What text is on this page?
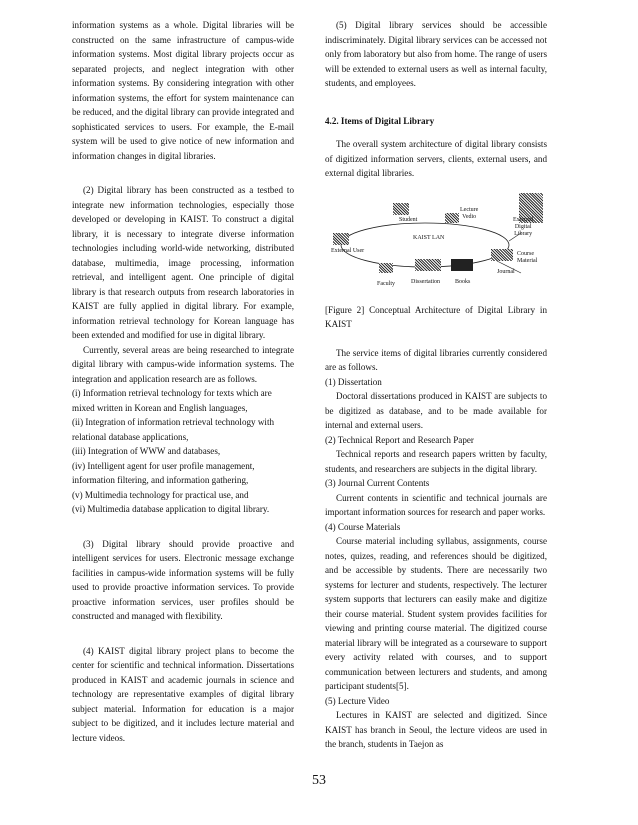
information systems as a whole. Digital libraries will be constructed on the same infrastructure of campus-wide information systems. Most digital library projects occur as separated projects, and neglect integration with other information systems. By considering integration with other information systems, the effort for system maintenance can be reduced, and the digital library can provide integrated and sophisticated services to users. For example, the E-mail system will be used to give notice of new information and information changes in digital libraries.

(2) Digital library has been constructed as a testbed to integrate new information technologies, especially those developed or developing in KAIST. To construct a digital library, it is necessary to integrate diverse information technologies including world-wide networking, distributed database, multimedia, image processing, information retrieval, and intelligent agent. One principle of digital library is that research outputs from research laboratories in KAIST are fully applied in digital library. For example, information retrieval technology for Korean language has been extended and modified for use in digital library.

Currently, several areas are being researched to integrate digital library with campus-wide information systems. The integration and application research are as follows.

(i) Information retrieval technology for texts which are mixed written in Korean and English languages,

(ii) Integration of information retrieval technology with relational database applications,

(iii) Integration of WWW and databases,

(iv) Intelligent agent for user profile management, information filtering, and information gathering,

(v) Multimedia technology for practical use, and

(vi) Multimedia database application to digital library.

(3) Digital library should provide proactive and intelligent services for users. Electronic message exchange facilities in campus-wide information systems will be fully used to provide proactive information services. To provide proactive information services, user profiles should be constructed and managed with flexibility.

(4) KAIST digital library project plans to become the center for scientific and technical information. Dissertations produced in KAIST and academic journals in science and technology are representative examples of digital library subject material. Information for education is a major subject to be digitized, and it includes lecture material and lecture videos.

(5) Digital library services should be accessible indiscriminately. Digital library services can be accessed not only from laboratory but also from home. The range of users will be extended to external users as well as internal faculty, students, and employees.

4.2. Items of Digital Library

The overall system architecture of digital library consists of digitized information servers, clients, external users, and external digital libraries.

External
Digital
Library
Student
Lecture
Vedio
KAIST LAN
External User	Course
Material
Journal
Faculty	Dissertation	Books

[Figure 2] Conceptual Architecture of Digital Library in KAIST

The service items of digital libraries currently considered are as follows.

(1) Dissertation

Doctoral dissertations produced in KAIST are subjects to be digitized as database, and to be made available for internal and external users.

(2) Technical Report and Research Paper

Technical reports and research papers written by faculty, students, and researchers are subjects in the digital library.

(3) Journal Current Contents

Current contents in scientific and technical journals are important information sources for research and paper works.

(4) Course Materials

Course material including syllabus, assignments, course notes, quizes, reading, and references should be digitized, and be accessible by students. There are necessarily two systems for lecturer and students, respectively. The lecturer system supports that lecturers can easily make and digitize their course material. Student system provides facilities for viewing and printing course material. The digitized course material library will be integrated as a courseware to support every activity related with courses, and to support communication between lecturers and students, and among participant students[5].

(5) Lecture Video

Lectures in KAIST are selected and digitized. Since KAIST has branch in Seoul, the lecture videos are used in the branch, students in Taejon as

53
